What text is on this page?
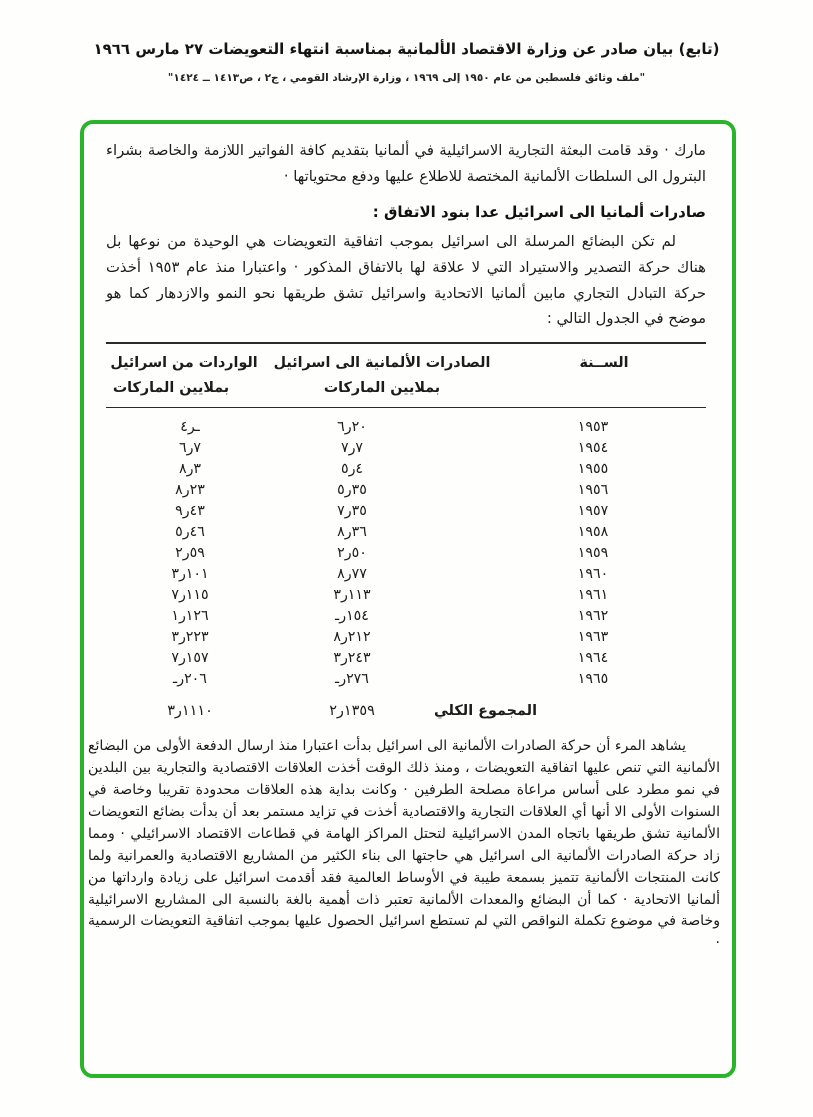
(تابع) بيان صادر عن وزارة الاقتصاد الألمانية بمناسبة انتهاء التعويضات ٢٧ مارس ١٩٦٦
"ملف وثائق فلسطين من عام ١٩٥٠ إلى ١٩٦٩ ، وزارة الإرشاد القومي ، ج٢ ، ص١٤١٣ ــ ١٤٢٤"

مارك · وقد قامت البعثة التجارية الاسرائيلية في ألمانيا بتقديم كافة الفواتير اللازمة والخاصة بشراء البترول الى السلطات الألمانية المختصة للاطلاع عليها ودفع محتوياتها ·

صادرات ألمانيا الى اسرائيل عدا بنود الاتفاق :

لم تكن البضائع المرسلة الى اسرائيل بموجب اتفاقية التعويضات هي الوحيدة من نوعها بل هناك حركة التصدير والاستيراد التي لا علاقة لها بالاتفاق المذكور · واعتبارا منذ عام ١٩٥٣ أخذت حركة التبادل التجاري مابين ألمانيا الاتحادية واسرائيل تشق طريقها نحو النمو والازدهار كما هو موضح في الجدول التالي :

الســنة
الصادرات الألمانية الى اسرائيل
بملايين الماركات
الواردات من اسرائيل
بملايين الماركات
١٩٥٣
٢٠ر٦
ـر٤
١٩٥٤
٧ر٧
٧ر٦
١٩٥٥
٤ر٥
٣ر٨
١٩٥٦
٣٥ر٥
٢٣ر٨
١٩٥٧
٣٥ر٧
٤٣ر٩
١٩٥٨
٣٦ر٨
٤٦ر٥
١٩٥٩
٥٠ر٢
٥٩ر٢
١٩٦٠
٧٧ر٨
١٠١ر٣
١٩٦١
١١٣ر٣
١١٥ر٧
١٩٦٢
١٥٤رـ
١٢٦ر١
١٩٦٣
٢١٢ر٨
٢٢٣ر٣
١٩٦٤
٢٤٣ر٣
١٥٧ر٧
١٩٦٥
٢٧٦رـ
٢٠٦رـ
المجموع الكلي
١٣٥٩ر٢
١١١٠ر٣

يشاهد المرء أن حركة الصادرات الألمانية الى اسرائيل بدأت اعتبارا منذ ارسال الدفعة الأولى من البضائع الألمانية التي تنص عليها اتفاقية التعويضات ، ومنذ ذلك الوقت أخذت العلاقات الاقتصادية والتجارية بين البلدين في نمو مطرد على أساس مراعاة مصلحة الطرفين · وكانت بداية هذه العلاقات محدودة تقريبا وخاصة في السنوات الأولى الا أنها أي العلاقات التجارية والاقتصادية أخذت في تزايد مستمر بعد أن بدأت بضائع التعويضات الألمانية تشق طريقها باتجاه المدن الاسرائيلية لتحتل المراكز الهامة في قطاعات الاقتصاد الاسرائيلي · ومما زاد حركة الصادرات الألمانية الى اسرائيل هي حاجتها الى بناء الكثير من المشاريع الاقتصادية والعمرانية ولما كانت المنتجات الألمانية تتميز بسمعة طيبة في الأوساط العالمية فقد أقدمت اسرائيل على زيادة وارداتها من ألمانيا الاتحادية · كما أن البضائع والمعدات الألمانية تعتبر ذات أهمية بالغة بالنسبة الى المشاريع الاسرائيلية وخاصة في موضوع تكملة النواقص التي لم تستطع اسرائيل الحصول عليها بموجب اتفاقية التعويضات الرسمية ·
